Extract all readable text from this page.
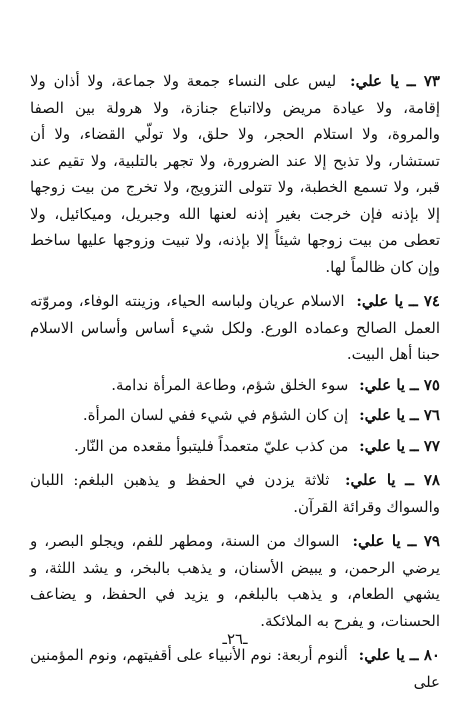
٧٣ ــ يا علي: ليس على النساء جمعة ولا جماعة، ولا أذان ولا إقامة، ولا عيادة مريض ولااتباع جنازة، ولا هرولة بين الصفا والمروة، ولا استلام الحجر، ولا حلق، ولا تولّي القضاء، ولا أن تستشار، ولا تذبح إلا عند الضرورة، ولا تجهر بالتلبية، ولا تقيم عند قبر، ولا تسمع الخطبة، ولا تتولى التزويج، ولا تخرج من بيت زوجها إلا بإذنه فإن خرجت بغير إذنه لعنها الله وجبريل، وميكائيل، ولا تعطى من بيت زوجها شيئاً إلا بإذنه، ولا تبيت وزوجها عليها ساخط وإن كان ظالماً لها.

٧٤ ــ يا علي: الاسلام عريان ولباسه الحياء، وزينته الوفاء، ومروّته العمل الصالح وعماده الورع. ولكل شيء أساس وأساس الاسلام حبنا أهل البيت.

٧٥ ــ يا علي: سوء الخلق شؤم، وطاعة المرأة ندامة.

٧٦ ــ يا علي: إن كان الشؤم في شيء ففي لسان المرأة.

٧٧ ــ يا علي: من كذب عليّ متعمداً فليتبوأ مقعده من النّار.

٧٨ ــ يا علي: ثلاثة يزدن في الحفظ و يذهبن البلغم: اللبان والسواك وقرائة القرآن.

٧٩ ــ يا علي: السواك من السنة، ومطهر للفم، ويجلو البصر، و يرضي الرحمن، و يبيض الأسنان، و يذهب بالبخر، و يشد اللثة، و يشهي الطعام، و يذهب بالبلغم، و يزيد في الحفظ، و يضاعف الحسنات، و يفرح به الملائكة.

٨٠ ــ يا علي: ألنوم أربعة: نوم الأنبياء على أقفيتهم، ونوم المؤمنين على

ـ٢٦ـ
